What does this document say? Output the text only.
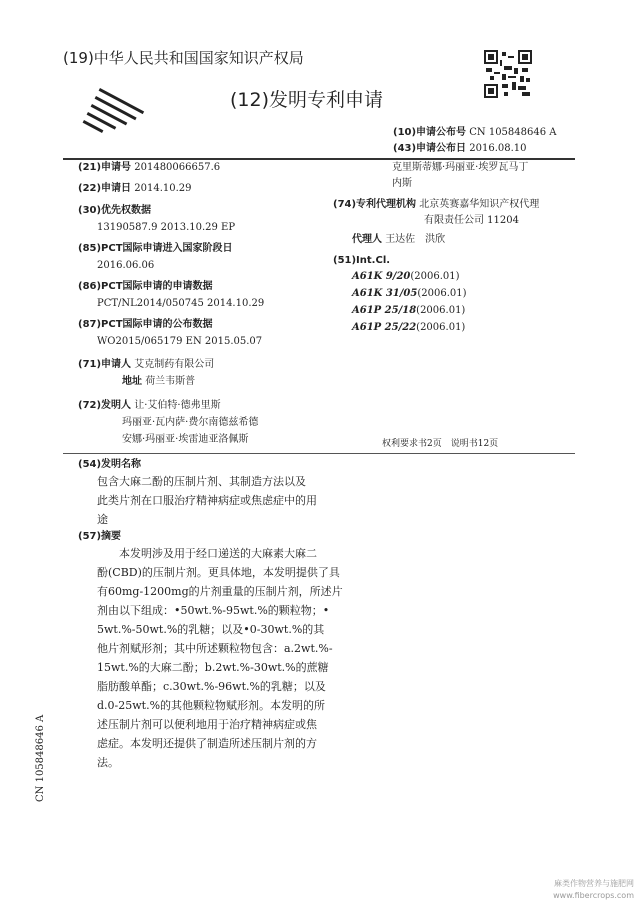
(19)中华人民共和国国家知识产权局
(12)发明专利申请
(10)申请公布号 CN 105848646 A
(43)申请公布日 2016.08.10
(21)申请号 201480066657.6
(22)申请日 2014.10.29
(30)优先权数据
13190587.9 2013.10.29 EP
(85)PCT国际申请进入国家阶段日
2016.06.06
(86)PCT国际申请的申请数据
PCT/NL2014/050745 2014.10.29
(87)PCT国际申请的公布数据
WO2015/065179 EN 2015.05.07
(71)申请人 艾克制药有限公司
地址 荷兰韦斯普
(72)发明人 让·艾伯特·德弗里斯
玛丽亚·瓦内萨·费尔南德兹希德
安娜·玛丽亚·埃雷迪亚洛佩斯
克里斯蒂娜·玛丽亚·埃罗瓦马丁
内斯
(74)专利代理机构 北京英赛嘉华知识产权代理
有限责任公司 11204
代理人 王达佐　洪欣
(51)Int.Cl.
A61K 9/20(2006.01)
A61K 31/05(2006.01)
A61P 25/18(2006.01)
A61P 25/22(2006.01)
权利要求书2页　说明书12页
(54)发明名称
包含大麻二酚的压制片剂、其制造方法以及
此类片剂在口服治疗精神病症或焦虑症中的用
途
(57)摘要
　　本发明涉及用于经口递送的大麻素大麻二
酚(CBD)的压制片剂。更具体地，本发明提供了具
有60mg-1200mg的片剂重量的压制片剂，所述片
剂由以下组成：•50wt.%-95wt.%的颗粒物；•
5wt.%-50wt.%的乳糖；以及•0-30wt.%的其
他片剂赋形剂；其中所述颗粒物包含：a.2wt.%-
15wt.%的大麻二酚；b.2wt.%-30wt.%的蔗糖
脂肪酸单酯；c.30wt.%-96wt.%的乳糖；以及
d.0-25wt.%的其他颗粒物赋形剂。本发明的所
述压制片剂可以便利地用于治疗精神病症或焦
虑症。本发明还提供了制造所述压制片剂的方
法。
CN 105848646 A
麻类作物营养与施肥网 www.fibercrops.com
